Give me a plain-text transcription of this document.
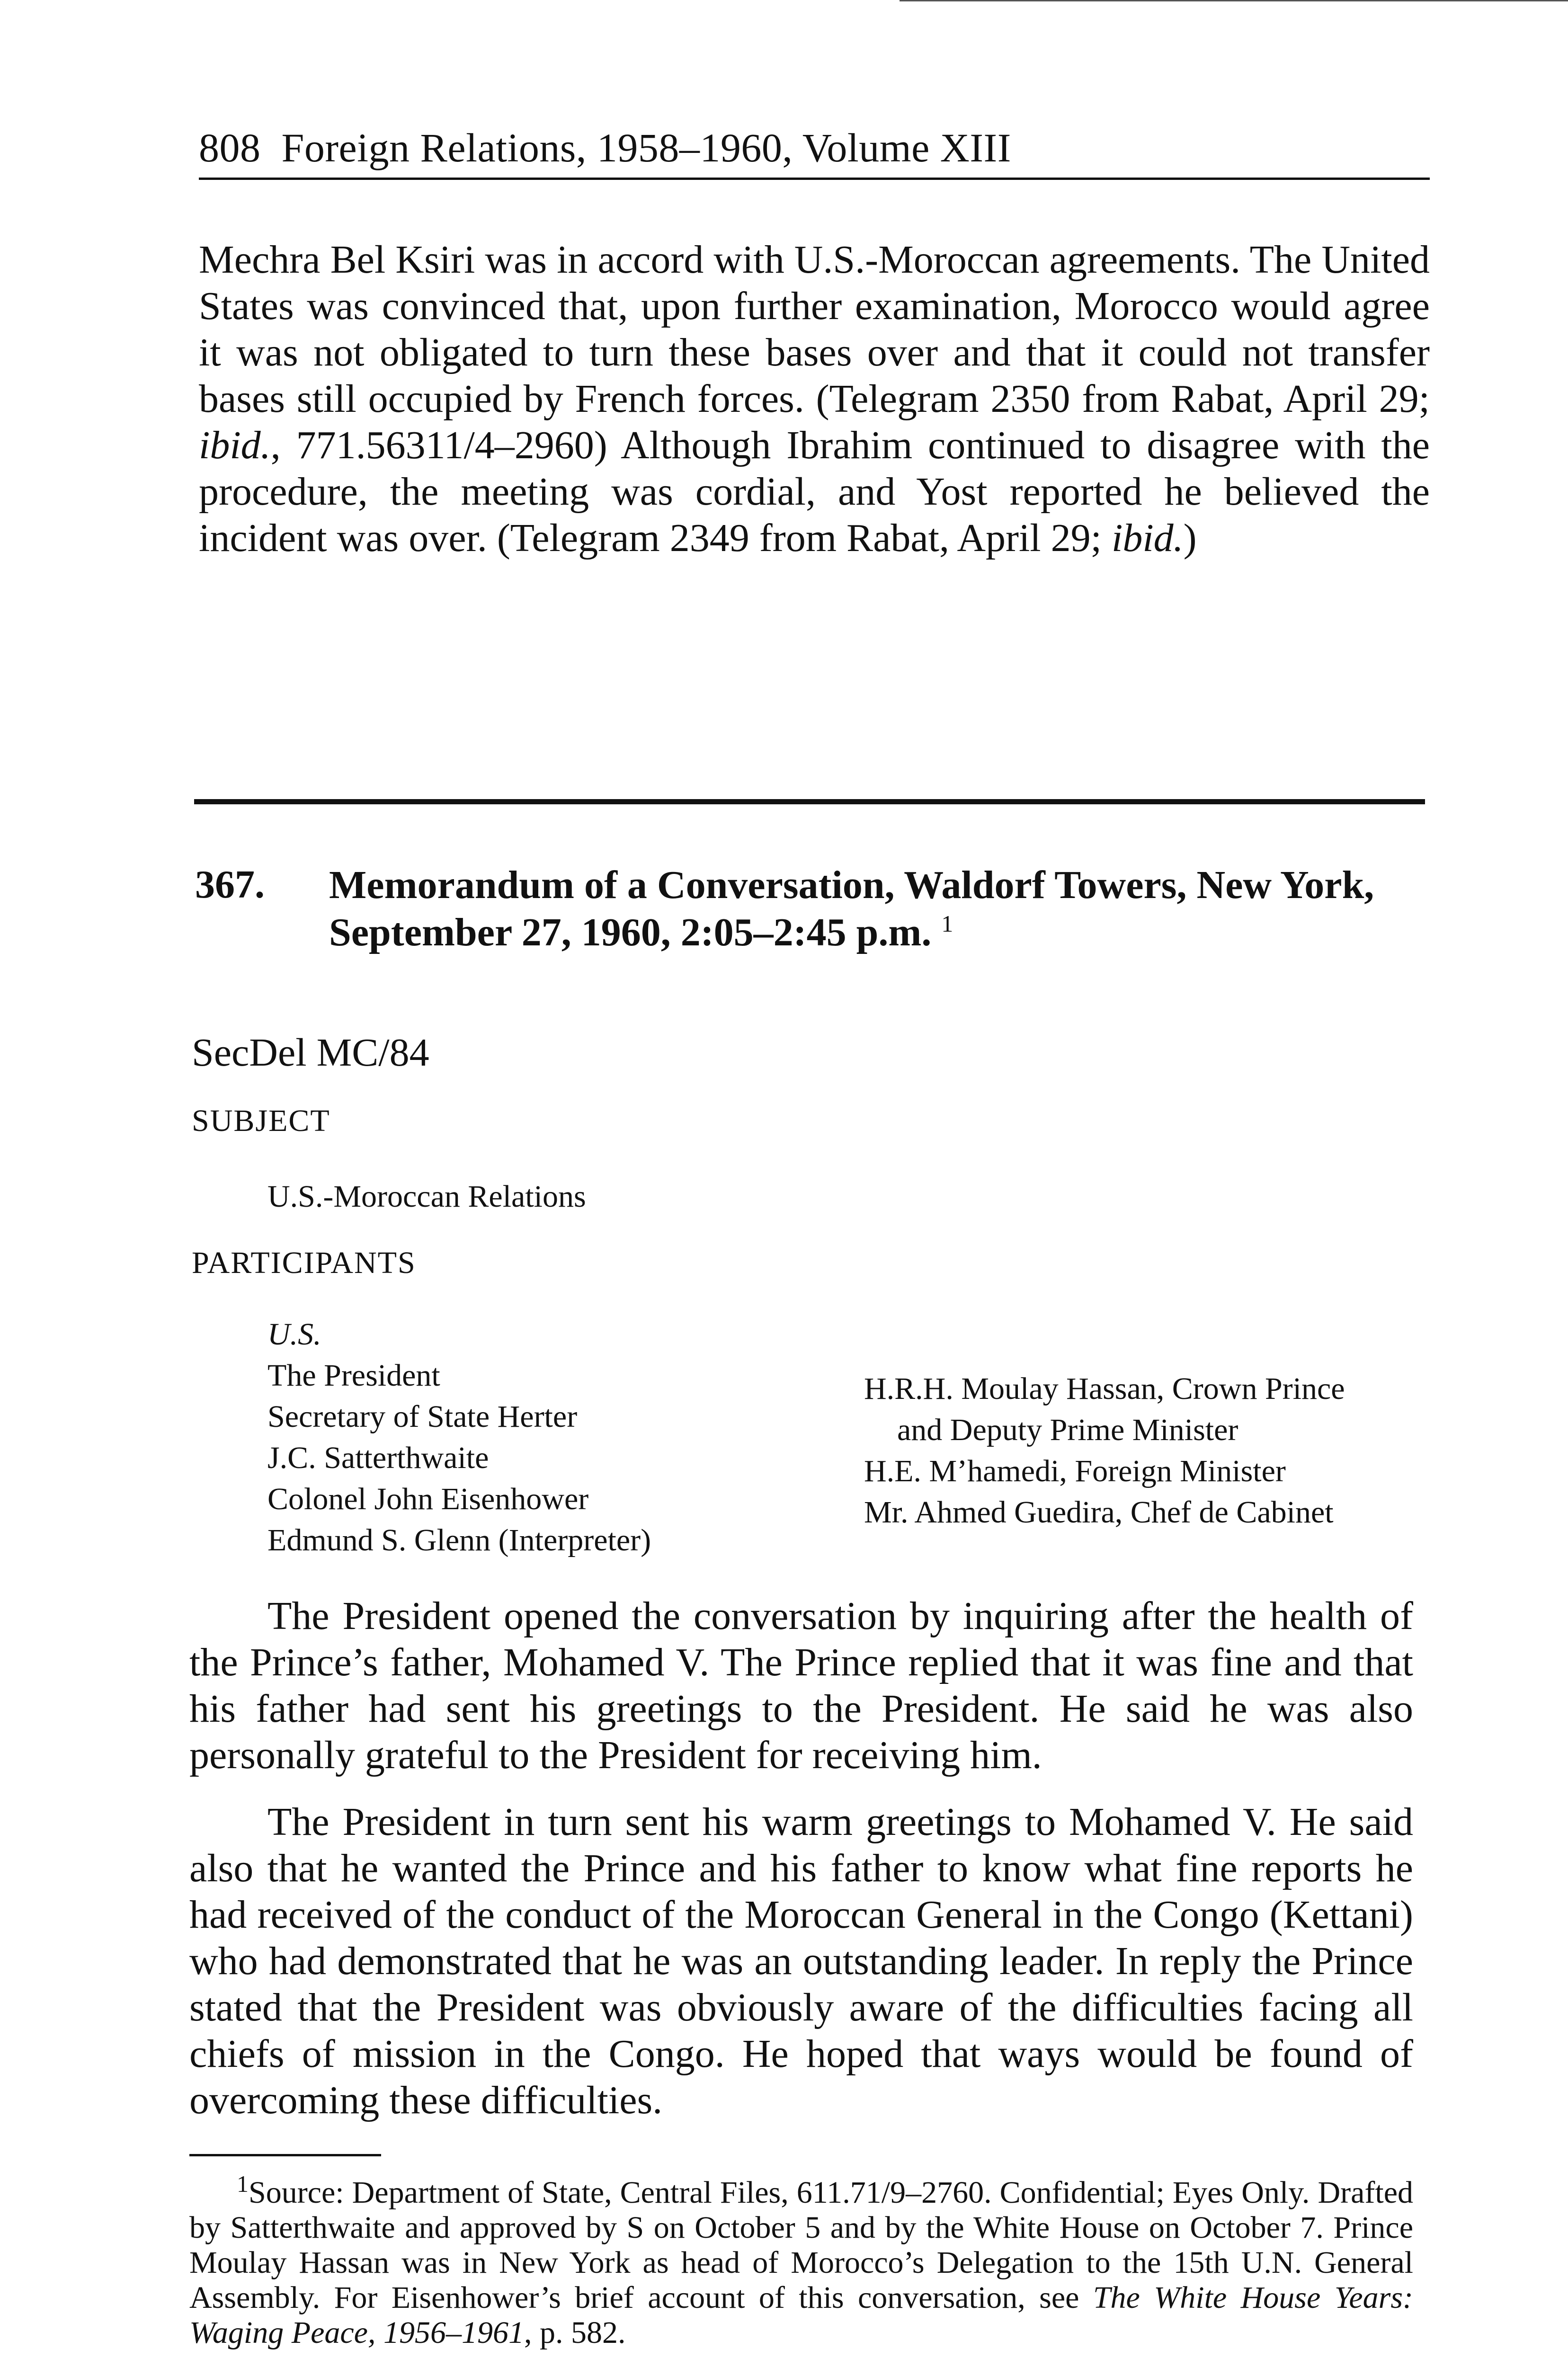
808 Foreign Relations, 1958–1960, Volume XIII

Mechra Bel Ksiri was in accord with U.S.-Moroccan agreements. The United States was convinced that, upon further examination, Morocco would agree it was not obligated to turn these bases over and that it could not transfer bases still occupied by French forces. (Telegram 2350 from Rabat, April 29; ibid., 771.56311/4–2960) Although Ibrahim continued to disagree with the procedure, the meeting was cordial, and Yost reported he believed the incident was over. (Telegram 2349 from Rabat, April 29; ibid.)

367. Memorandum of a Conversation, Waldorf Towers, New York, September 27, 1960, 2:05–2:45 p.m. $^1$
SecDel MC/84
SUBJECT
U.S.-Moroccan Relations
PARTICIPANTS
U.S.
The President
Secretary of State Herter
J.C. Satterthwaite
Colonel John Eisenhower
Edmund S. Glenn (Interpreter)
H.R.H. Moulay Hassan, Crown Prince
and Deputy Prime Minister
H.E. M’hamedi, Foreign Minister
Mr. Ahmed Guedira, Chef de Cabinet

The President opened the conversation by inquiring after the health of the Prince’s father, Mohamed V. The Prince replied that it was fine and that his father had sent his greetings to the President. He said he was also personally grateful to the President for receiving him.

The President in turn sent his warm greetings to Mohamed V. He said also that he wanted the Prince and his father to know what fine reports he had received of the conduct of the Moroccan General in the Congo (Kettani) who had demonstrated that he was an outstanding leader. In reply the Prince stated that the President was obviously aware of the difficulties facing all chiefs of mission in the Congo. He hoped that ways would be found of overcoming these difficulties.

$^1$Source: Department of State, Central Files, 611.71/9–2760. Confidential; Eyes Only. Drafted by Satterthwaite and approved by S on October 5 and by the White House on October 7. Prince Moulay Hassan was in New York as head of Morocco’s Delegation to the 15th U.N. General Assembly. For Eisenhower’s brief account of this conversation, see The White House Years: Waging Peace, 1956–1961, p. 582.
